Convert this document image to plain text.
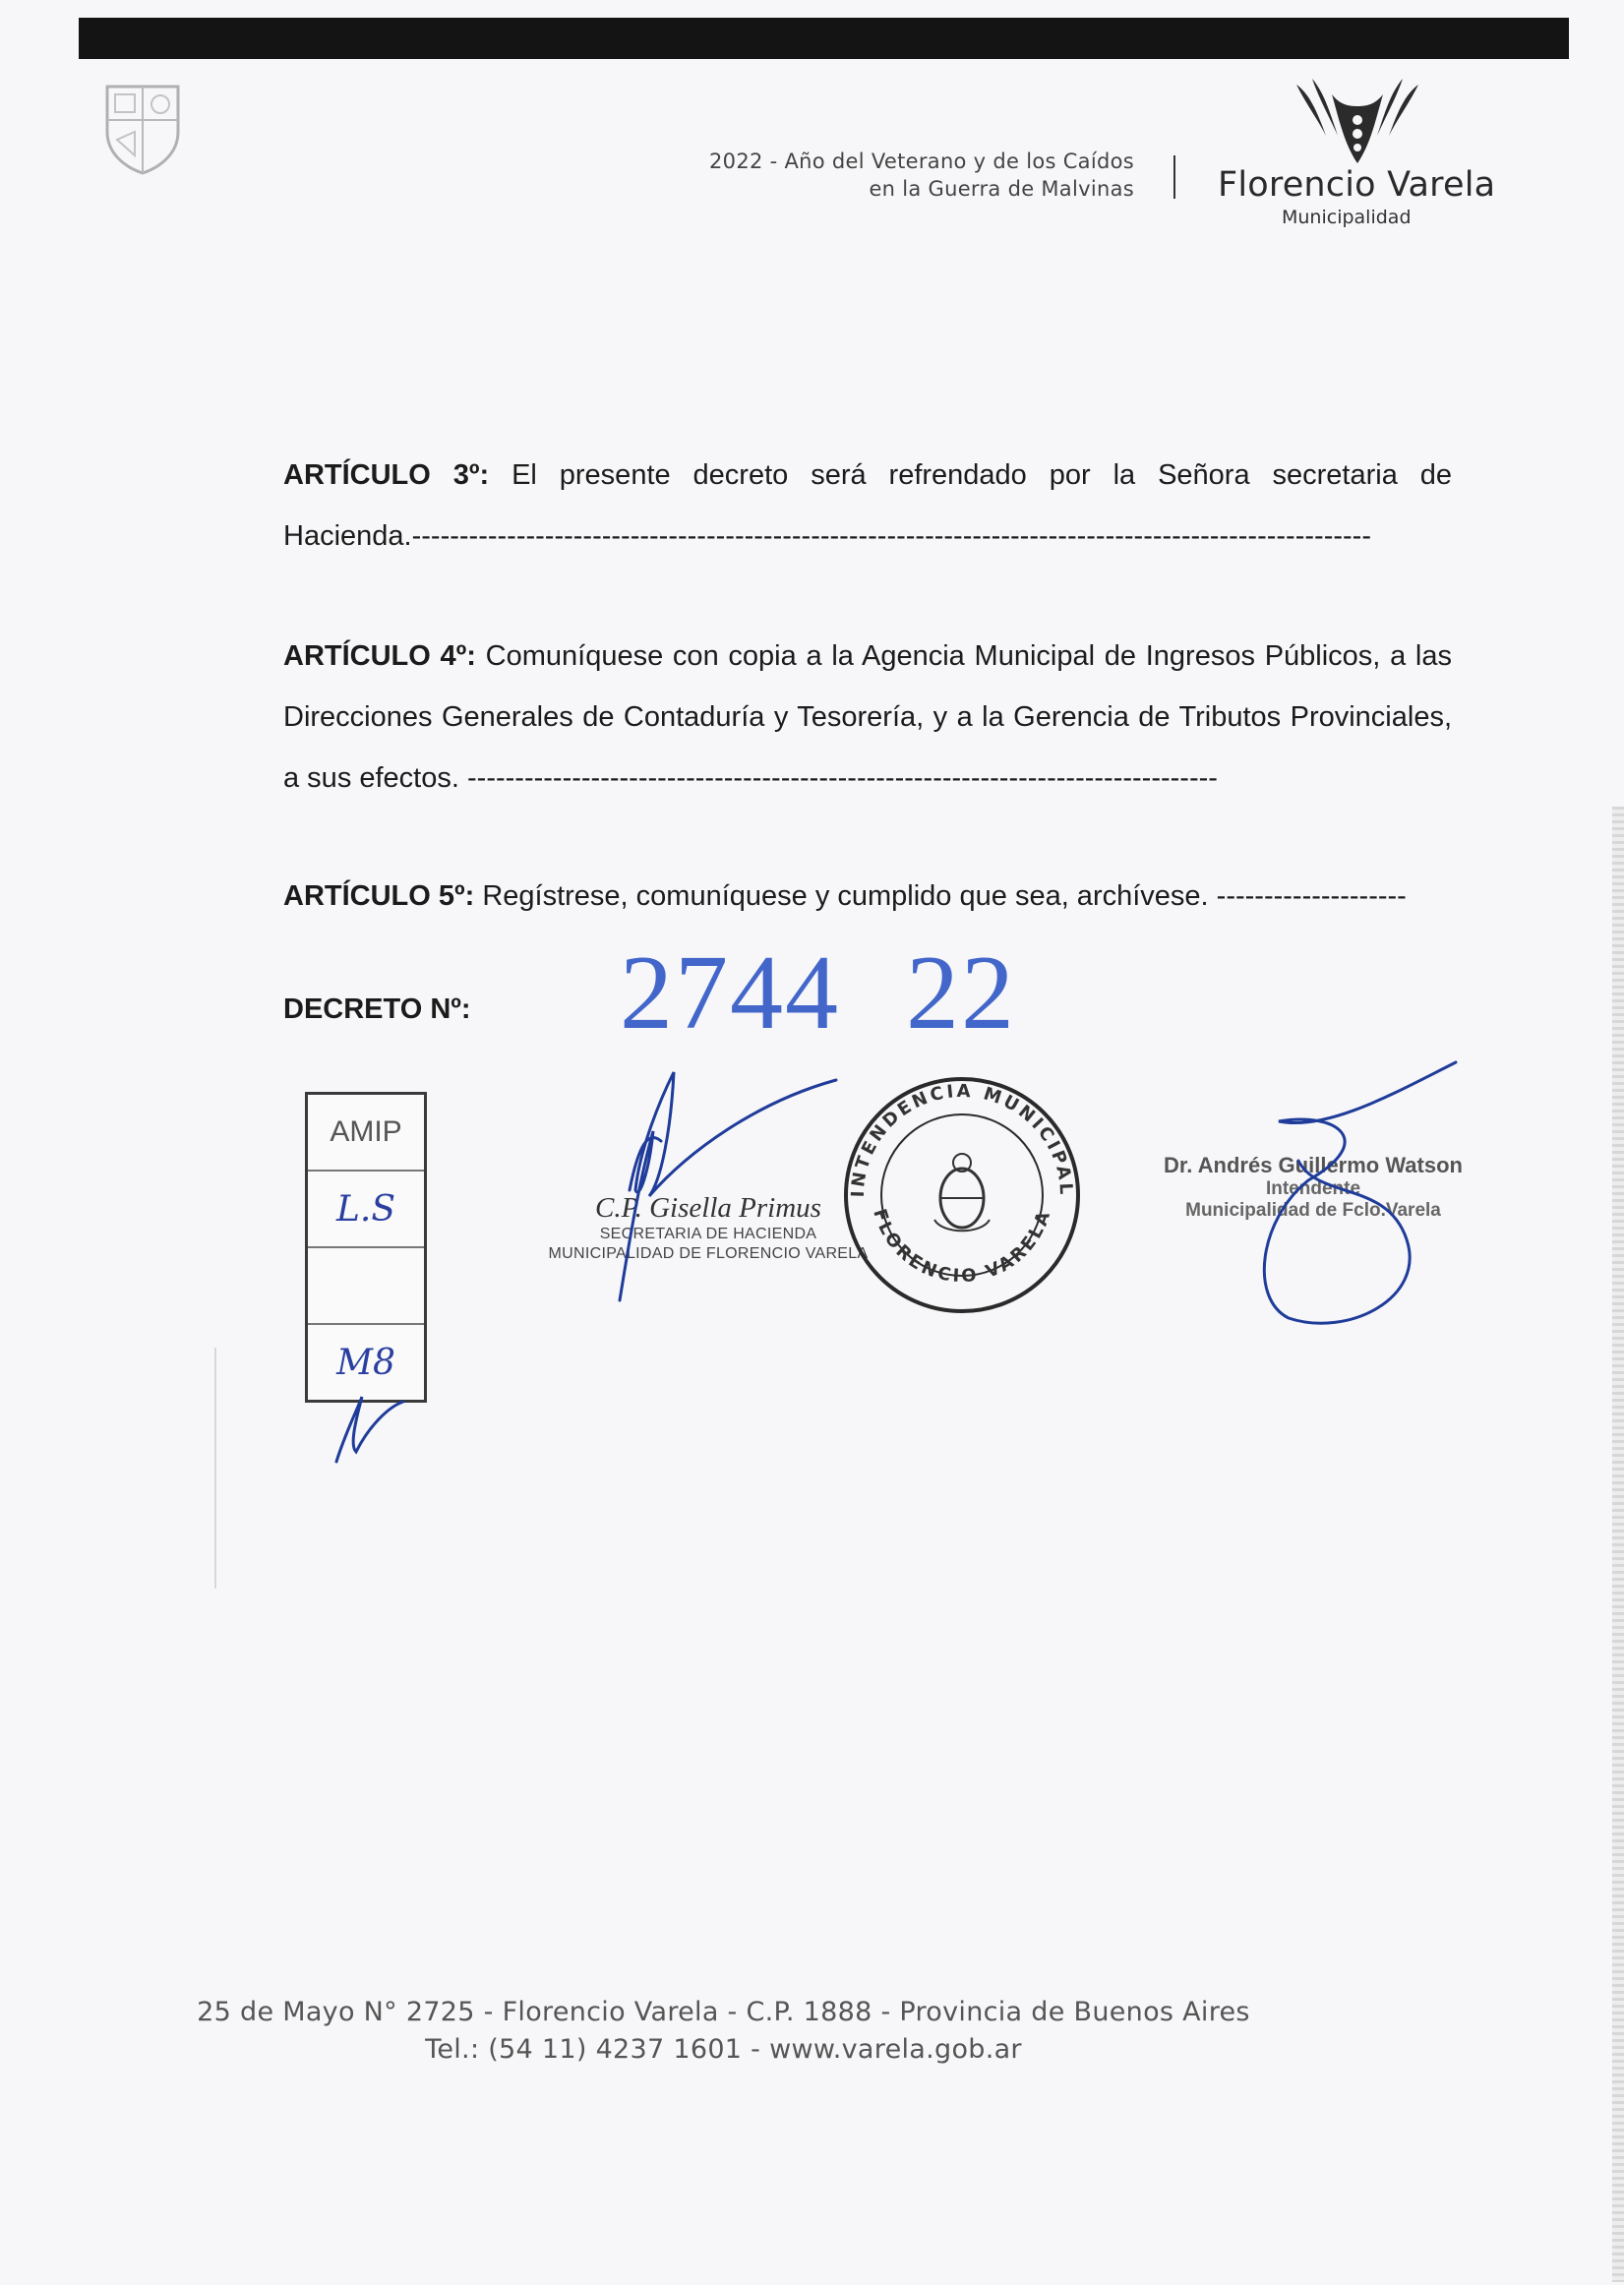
2022 - Año del Veterano y de los Caídos
en la Guerra de Malvinas Florencio Varela
Municipalidad
ARTÍCULO 3º: El presente decreto será refrendado por la Señora secretaria de Hacienda.-----------------------------------------------------------------------------------------------------
ARTÍCULO 4º: Comuníquese con copia a la Agencia Municipal de Ingresos Públicos, a las Direcciones Generales de Contaduría y Tesorería, y a la Gerencia de Tributos Provinciales, a sus efectos. -------------------------------------------------------------------------------
ARTÍCULO 5º: Regístrese, comuníquese y cumplido que sea, archívese. --------------------
DECRETO Nº: 2744 22
AMIP
L.S
M8
C.P. Gisella Primus
SECRETARIA DE HACIENDA
MUNICIPALIDAD DE FLORENCIO VARELA
INTENDENCIA MUNICIPAL
FLORENCIO VARELA
Dr. Andrés Guillermo Watson
Intendente
Municipalidad de Fclo.Varela
25 de Mayo N° 2725 - Florencio Varela - C.P. 1888 - Provincia de Buenos Aires
Tel.: (54 11) 4237 1601 - www.varela.gob.ar
